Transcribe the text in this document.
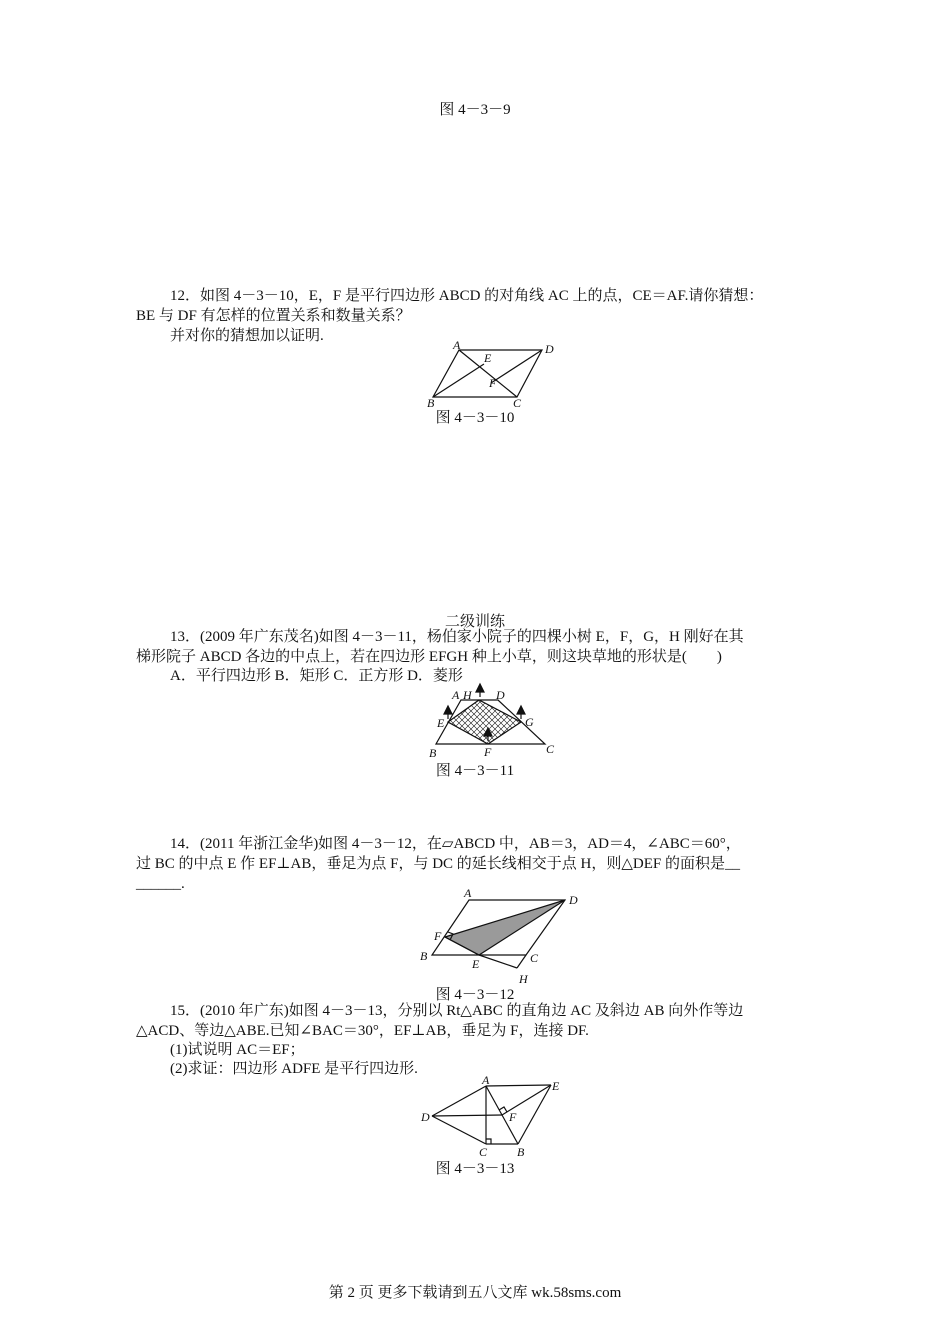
图 4－3－9
12．如图 4－3－10，E，F 是平行四边形 ABCD 的对角线 AC 上的点，CE＝AF.请你猜想：
BE 与 DF 有怎样的位置关系和数量关系？
并对你的猜想加以证明.
A	D
B	C
E
F
图 4－3－10
二级训练
13．(2009 年广东茂名)如图 4－3－11，杨伯家小院子的四棵小树 E，F，G，H 刚好在其
梯形院子 ABCD 各边的中点上，若在四边形 EFGH 种上小草，则这块草地的形状是(　　)
A．平行四边形 B．矩形 C．正方形 D．菱形
A H D
E	G
B	F	C
图 4－3－11
14．(2011 年浙江金华)如图 4－3－12，在▱ABCD 中，AB＝3，AD＝4，∠ABC＝60°，
过 BC 的中点 E 作 EF⊥AB，垂足为点 F，与 DC 的延长线相交于点 H，则△DEF 的面积是__
______.
A	D
F
B
E	C
H
图 4－3－12
15．(2010 年广东)如图 4－3－13，分别以 Rt△ABC 的直角边 AC 及斜边 AB 向外作等边
△ACD、等边△ABE.已知∠BAC＝30°，EF⊥AB，垂足为 F，连接 DF.
(1)试说明 AC＝EF；
(2)求证：四边形 ADFE 是平行四边形.
A	E
D	F
C B
图 4－3－13
第 2 页 更多下载请到五八文库 wk.58sms.com
